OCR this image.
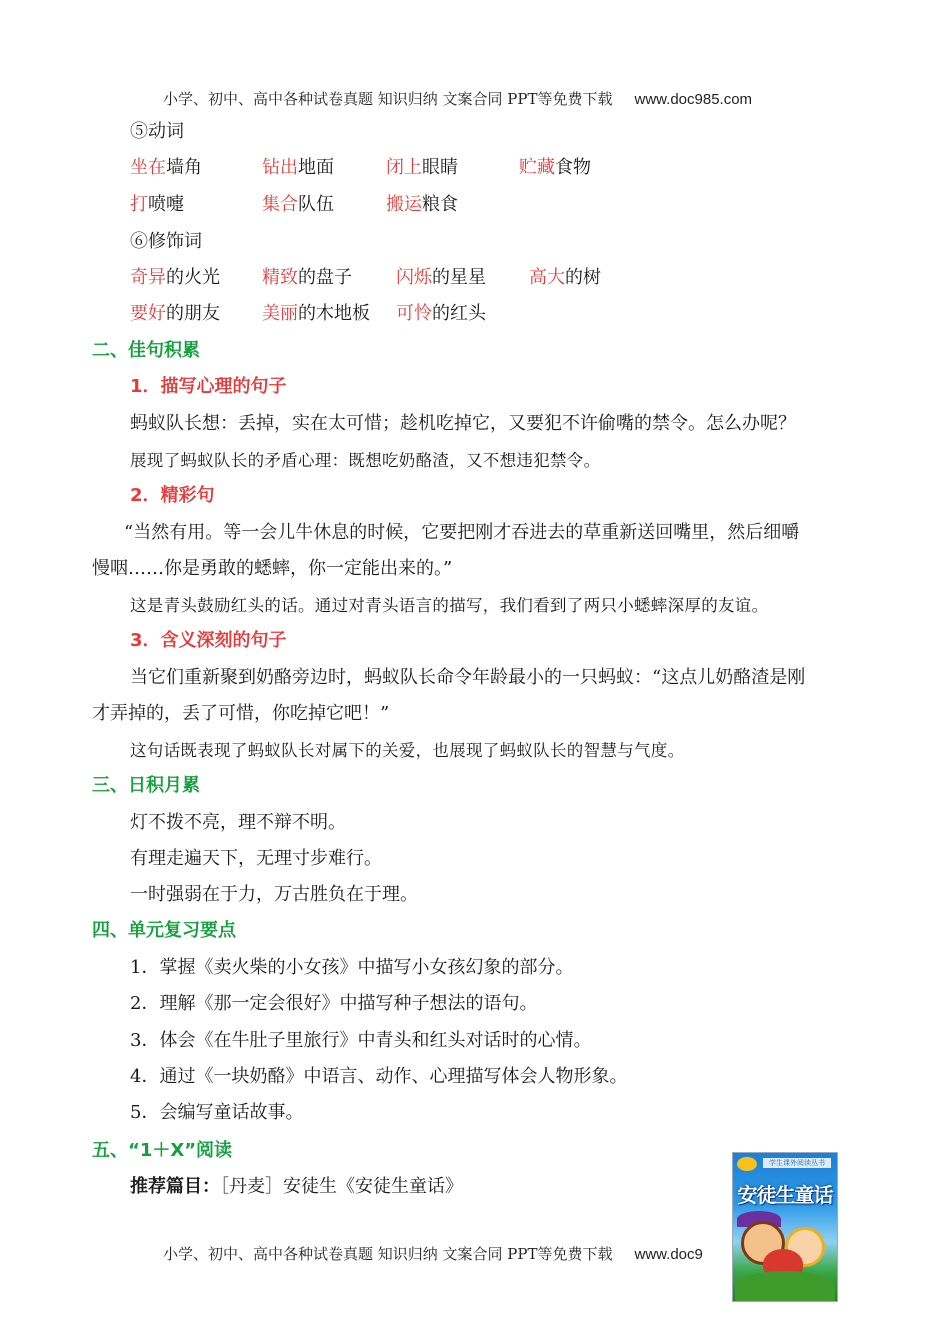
小学、初中、高中各种试卷真题 知识归纳 文案合同 PPT等免费下载 www.doc985.com
⑤动词
坐在墙角	钻出地面	闭上眼睛	贮藏食物
打喷嚏	集合队伍	搬运粮食
⑥修饰词
奇异的火光 精致的盘子 闪烁的星星 高大的树
要好的朋友 美丽的木地板 可怜的红头
二、佳句积累
1．描写心理的句子
蚂蚁队长想：丢掉，实在太可惜；趁机吃掉它，又要犯不许偷嘴的禁令。怎么办呢？
展现了蚂蚁队长的矛盾心理：既想吃奶酪渣，又不想违犯禁令。
2．精彩句
“当然有用。等一会儿牛休息的时候，它要把刚才吞进去的草重新送回嘴里，然后细嚼
慢咽……你是勇敢的蟋蟀，你一定能出来的。”
这是青头鼓励红头的话。通过对青头语言的描写，我们看到了两只小蟋蟀深厚的友谊。
3．含义深刻的句子
当它们重新聚到奶酪旁边时，蚂蚁队长命令年龄最小的一只蚂蚁：“这点儿奶酪渣是刚
才弄掉的，丢了可惜，你吃掉它吧！”
这句话既表现了蚂蚁队长对属下的关爱，也展现了蚂蚁队长的智慧与气度。
三、日积月累
灯不拨不亮，理不辩不明。
有理走遍天下，无理寸步难行。
一时强弱在于力，万古胜负在于理。
四、单元复习要点
1．掌握《卖火柴的小女孩》中描写小女孩幻象的部分。
2．理解《那一定会很好》中描写种子想法的语句。
3．体会《在牛肚子里旅行》中青头和红头对话时的心情。
4．通过《一块奶酪》中语言、动作、心理描写体会人物形象。
5．会编写童话故事。
五、“1＋X”阅读
推荐篇目：［丹麦］安徒生《安徒生童话》
小学、初中、高中各种试卷真题 知识归纳 文案合同 PPT等免费下载 www.doc9
学生课外阅读丛书
安徒生童话
